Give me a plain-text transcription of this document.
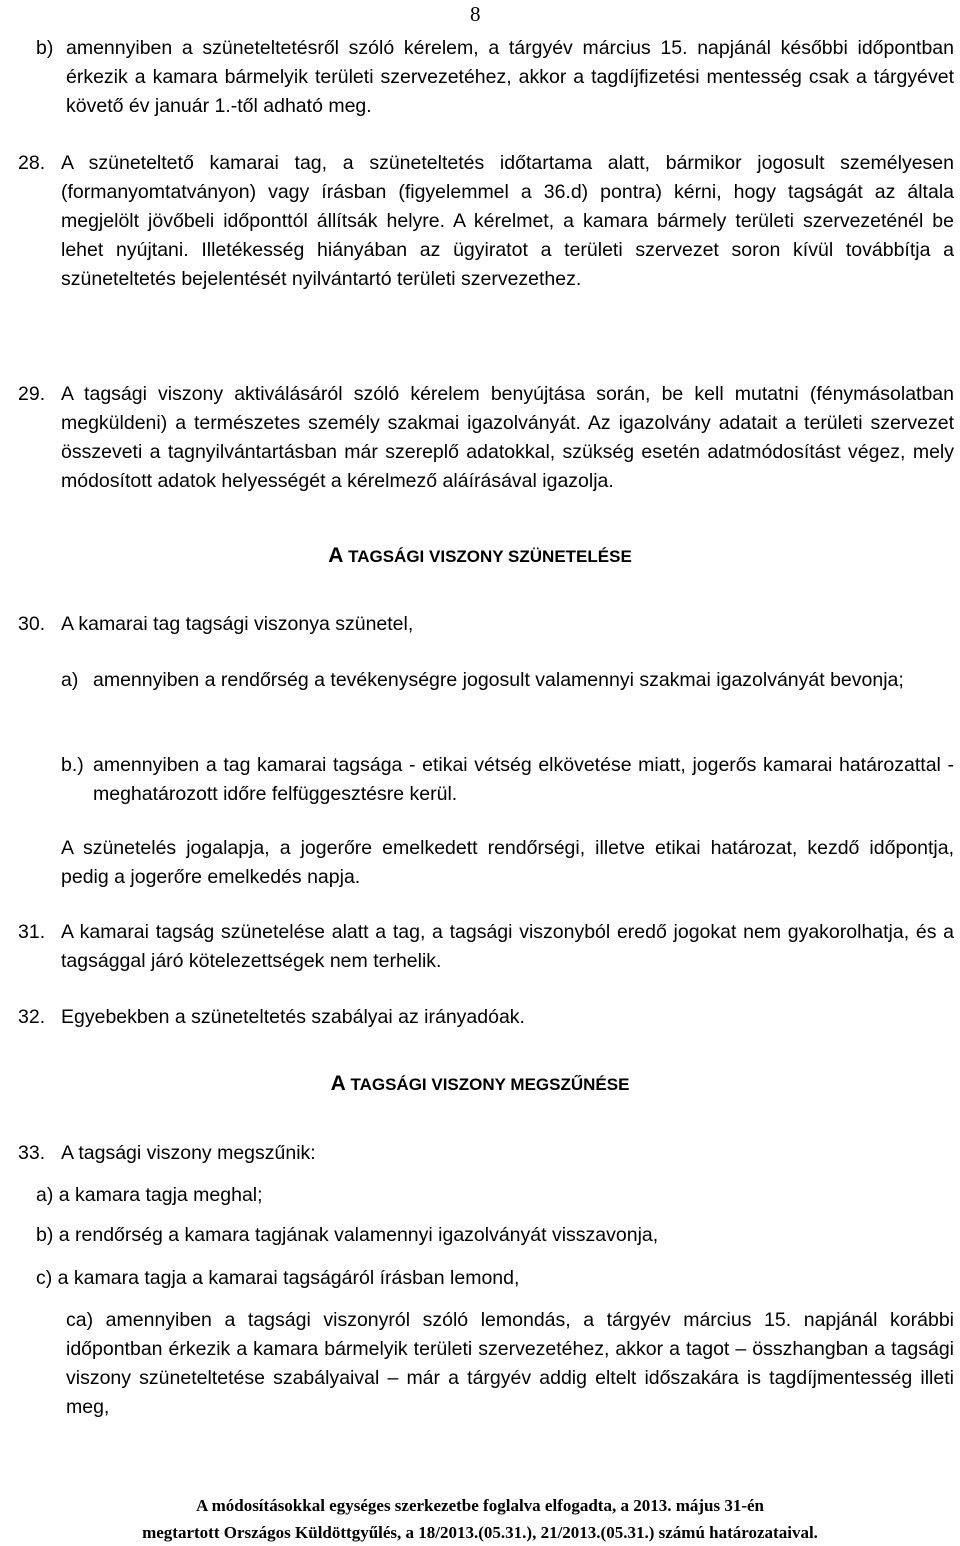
8
b) amennyiben a szüneteltetésről szóló kérelem, a tárgyév március 15. napjánál későbbi időpontban érkezik a kamara bármelyik területi szervezetéhez, akkor a tagdíjfizetési mentesség csak a tárgyévet követő év január 1.-től adható meg.
28. A szüneteltető kamarai tag, a szüneteltetés időtartama alatt, bármikor jogosult személyesen (formanyomtatványon) vagy írásban (figyelemmel a 36.d) pontra) kérni, hogy tagságát az általa megjelölt jövőbeli időponttól állítsák helyre. A kérelmet, a kamara bármely területi szervezeténél be lehet nyújtani. Illetékesség hiányában az ügyiratot a területi szervezet soron kívül továbbítja a szüneteltetés bejelentését nyilvántartó területi szervezethez.
29. A tagsági viszony aktiválásáról szóló kérelem benyújtása során, be kell mutatni (fénymásolatban megküldeni) a természetes személy szakmai igazolványát. Az igazolvány adatait a területi szervezet összeveti a tagnyilvántartásban már szereplő adatokkal, szükség esetén adatmódosítást végez, mely módosított adatok helyességét a kérelmező aláírásával igazolja.
A TAGSÁGI VISZONY SZÜNETELÉSE
30. A kamarai tag tagsági viszonya szünetel,
a) amennyiben a rendőrség a tevékenységre jogosult valamennyi szakmai igazolványát bevonja;
b.) amennyiben a tag kamarai tagsága - etikai vétség elkövetése miatt, jogerős kamarai határozattal - meghatározott időre felfüggesztésre kerül.
A szünetelés jogalapja, a jogerőre emelkedett rendőrségi, illetve etikai határozat, kezdő időpontja, pedig a jogerőre emelkedés napja.
31. A kamarai tagság szünetelése alatt a tag, a tagsági viszonyból eredő jogokat nem gyakorolhatja, és a tagsággal járó kötelezettségek nem terhelik.
32. Egyebekben a szüneteltetés szabályai az irányadóak.
A TAGSÁGI VISZONY MEGSZŰNÉSE
33. A tagsági viszony megszűnik:
a) a kamara tagja meghal;
b) a rendőrség a kamara tagjának valamennyi igazolványát visszavonja,
c) a kamara tagja a kamarai tagságáról írásban lemond,
ca) amennyiben a tagsági viszonyról szóló lemondás, a tárgyév március 15. napjánál korábbi időpontban érkezik a kamara bármelyik területi szervezetéhez, akkor a tagot – összhangban a tagsági viszony szüneteltetése szabályaival – már a tárgyév addig eltelt időszakára is tagdíjmentesség illeti meg,
A módosításokkal egységes szerkezetbe foglalva elfogadta, a 2013. május 31-én
megtartott Országos Küldöttgyűlés, a 18/2013.(05.31.), 21/2013.(05.31.) számú határozataival.
